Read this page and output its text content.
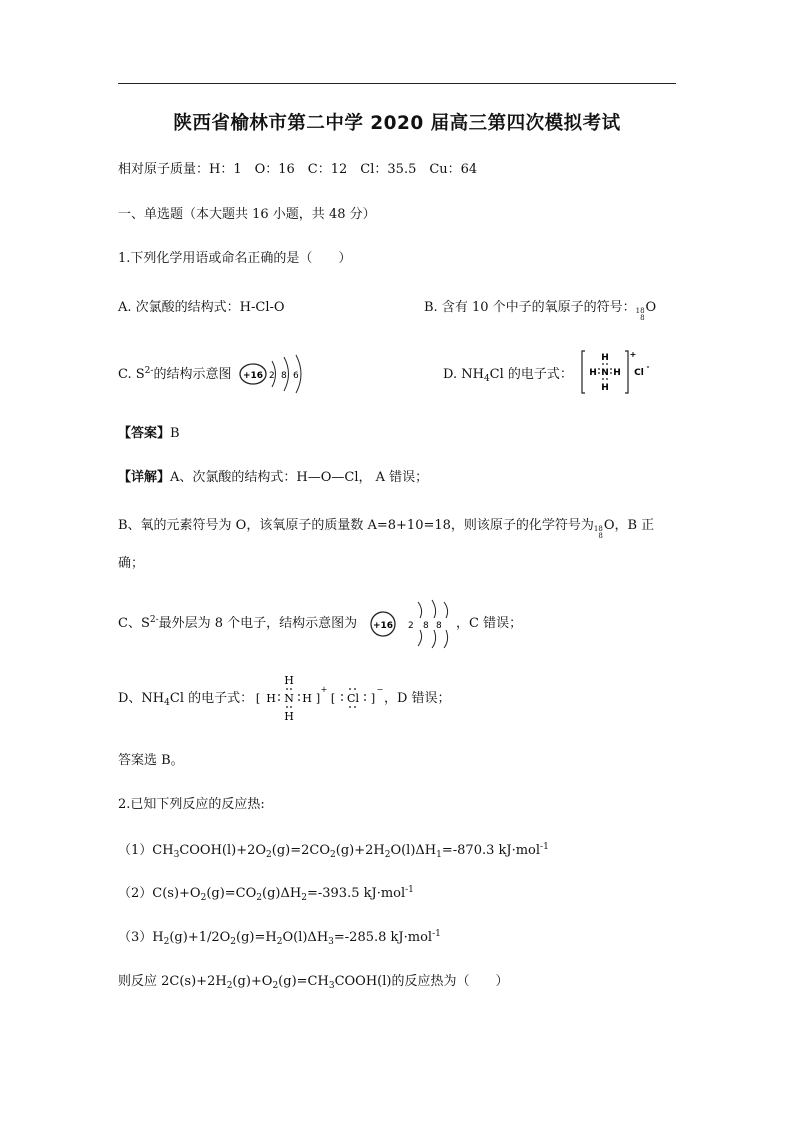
陕西省榆林市第二中学 2020 届高三第四次模拟考试
相对原子质量：H：1　O：16　C：12　Cl：35.5　Cu：64
一、单选题（本大题共 16 小题，共 48 分）
1.下列化学用语或命名正确的是（　　）
A. 次氯酸的结构式：H-Cl-O	B. 含有 10 个中子的氧原子的符号： 18
8
O
C. $S^{2-}$的结构示意图 +16 2 8 6	D. $NH_4Cl$ 的电子式：
H
H N H
H
+
Cl
-
【答案】B
【详解】A、次氯酸的结构式：H—O—Cl， A 错误；
B、氧的元素符号为 O，该氧原子的质量数 A=8+10=18，则该原子的化学符号为 18
8
O，B 正
确；
C、$S^{2-}$最外层为 8 个电子，结构示意图为 +16 2 8 8 ，C 错误；
D、$NH_4Cl$ 的电子式： [ H
H
N H
H
]
+
[ Cl ]
−
，D 错误；
答案选 B。
2.已知下列反应的反应热:
$(1)CH_3COOH(l)+2O_2(g)=2CO_2(g)+2H_2O(l)\Delta H_1=-870.3$ kJ·mol$^{-1}$
$(2)C(s)+O_2(g)=CO_2(g)\Delta H_2=-393.5$ kJ·mol$^{-1}$
$(3)H_2(g)+1/2O_2(g)=H_2O(l)\Delta H_3=-285.8$ kJ·mol$^{-1}$
则反应 $2C(s)+2H_2(g)+O_2(g)=CH_3COOH(l)$的反应热为（　　）
